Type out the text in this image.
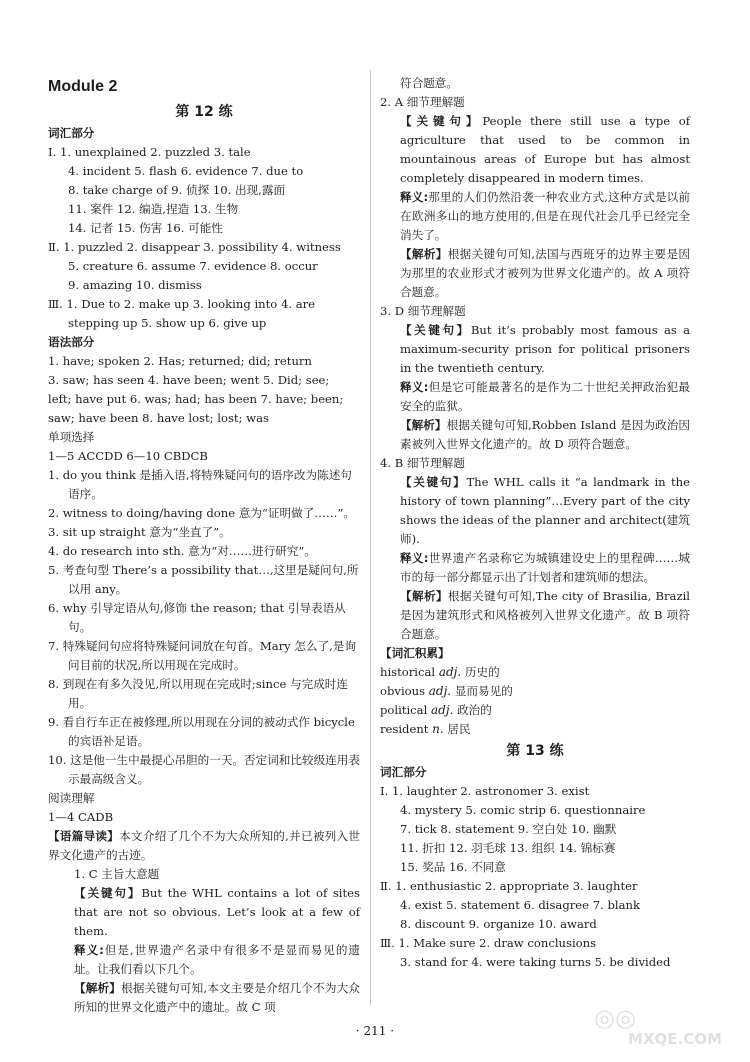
Module 2
第 12 练
词汇部分
Ⅰ. 1. unexplained 2. puzzled 3. tale
4. incident 5. flash 6. evidence 7. due to
8. take charge of 9. 侦探 10. 出现,露面
11. 案件 12. 编造,捏造 13. 生物
14. 记者 15. 伤害 16. 可能性
Ⅱ. 1. puzzled 2. disappear 3. possibility 4. witness
5. creature 6. assume 7. evidence 8. occur
9. amazing 10. dismiss
Ⅲ. 1. Due to 2. make up 3. looking into 4. are
stepping up 5. show up 6. give up
语法部分
1. have; spoken 2. Has; returned; did; return
3. saw; has seen 4. have been; went 5. Did; see;
left; have put 6. was; had; has been 7. have; been;
saw; have been 8. have lost; lost; was
单项选择
1—5 ACCDD 6—10 CBDCB
1. do you think 是插入语,将特殊疑问句的语序改为陈述句语序。
2. witness to doing/having done 意为“证明做了……”。
3. sit up straight 意为“坐直了”。
4. do research into sth. 意为“对……进行研究”。
5. 考查句型 There’s a possibility that…,这里是疑问句,所以用 any。
6. why 引导定语从句,修饰 the reason; that 引导表语从句。
7. 特殊疑问句应将特殊疑问词放在句首。Mary 怎么了,是询问目前的状况,所以用现在完成时。
8. 到现在有多久没见,所以用现在完成时;since 与完成时连用。
9. 看自行车正在被修理,所以用现在分词的被动式作 bicycle 的宾语补足语。
10. 这是他一生中最提心吊胆的一天。否定词和比较级连用表示最高级含义。
阅读理解
1—4 CADB
【语篇导读】本文介绍了几个不为大众所知的,并已被列入世界文化遗产的古迹。
1. C 主旨大意题
【关键句】But the WHL contains a lot of sites that are not so obvious. Let’s look at a few of them.
释义:但是,世界遗产名录中有很多不是显而易见的遗址。让我们看以下几个。
【解析】根据关键句可知,本文主要是介绍几个不为大众所知的世界文化遗产中的遗址。故 C 项
符合题意。
2. A 细节理解题
【关键句】People there still use a type of agriculture that used to be common in mountainous areas of Europe but has almost completely disappeared in modern times.
释义:那里的人们仍然沿袭一种农业方式,这种方式是以前在欧洲多山的地方使用的,但是在现代社会几乎已经完全消失了。
【解析】根据关键句可知,法国与西班牙的边界主要是因为那里的农业形式才被列为世界文化遗产的。故 A 项符合题意。
3. D 细节理解题
【关键句】But it’s probably most famous as a maximum-security prison for political prisoners in the twentieth century.
释义:但是它可能最著名的是作为二十世纪关押政治犯最安全的监狱。
【解析】根据关键句可知,Robben Island 是因为政治因素被列入世界文化遗产的。故 D 项符合题意。
4. B 细节理解题
【关键句】The WHL calls it “a landmark in the history of town planning”…Every part of the city shows the ideas of the planner and architect(建筑师).
释义:世界遗产名录称它为城镇建设史上的里程碑……城市的每一部分都显示出了计划者和建筑师的想法。
【解析】根据关键句可知,The city of Brasilia, Brazil 是因为建筑形式和风格被列入世界文化遗产。故 B 项符合题意。
【词汇积累】
historical adj. 历史的
obvious adj. 显而易见的
political adj. 政治的
resident n. 居民
第 13 练
词汇部分
Ⅰ. 1. laughter 2. astronomer 3. exist
4. mystery 5. comic strip 6. questionnaire
7. tick 8. statement 9. 空白处 10. 幽默
11. 折扣 12. 羽毛球 13. 组织 14. 锦标赛
15. 奖品 16. 不同意
Ⅱ. 1. enthusiastic 2. appropriate 3. laughter
4. exist 5. statement 6. disagree 7. blank
8. discount 9. organize 10. award
Ⅲ. 1. Make sure 2. draw conclusions
3. stand for 4. were taking turns 5. be divided
· 211 ·	◎◎
MXQE.COM
